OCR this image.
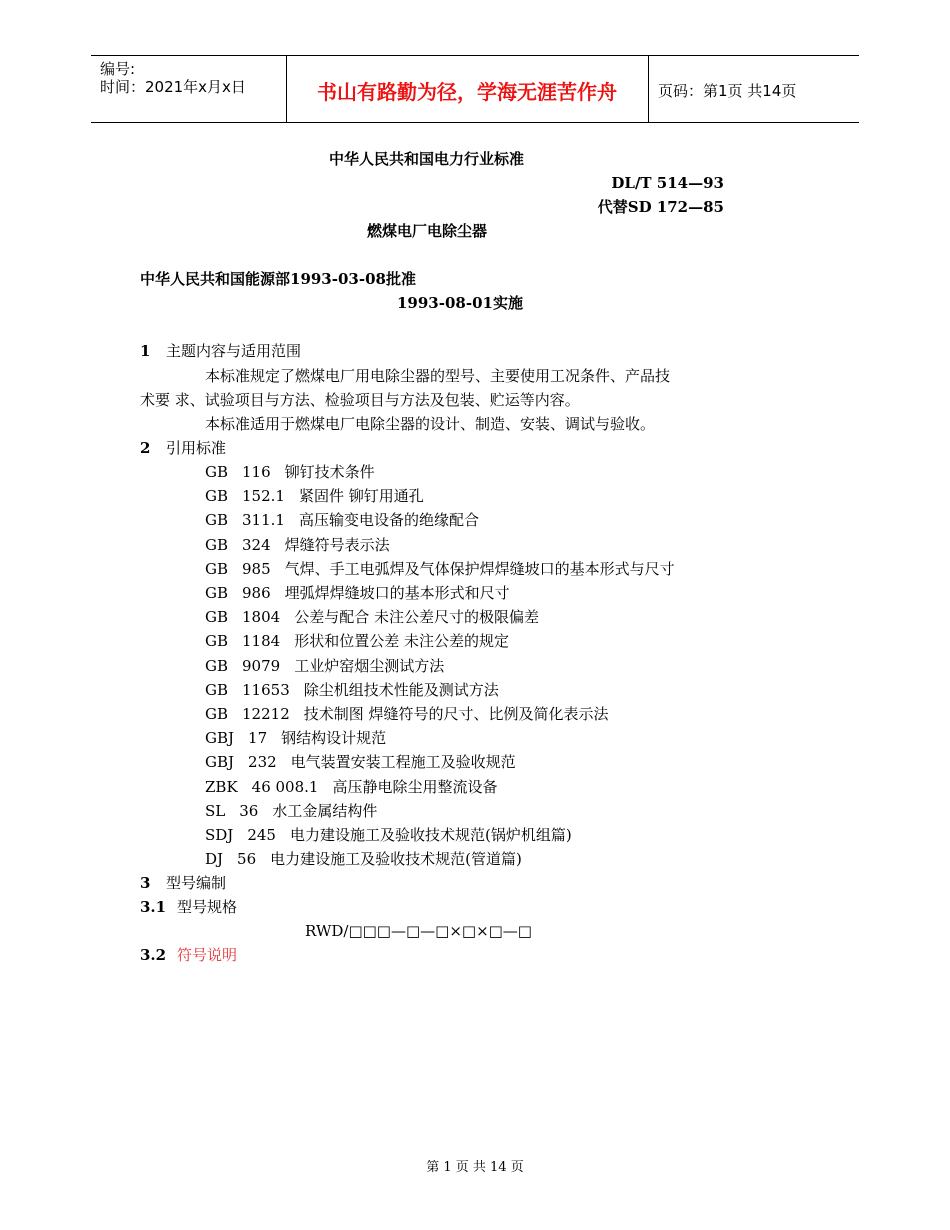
编号:
时间：2021年x月x日	书山有路勤为径，学海无涯苦作舟	页码：第1页 共14页
中华人民共和国电力行业标准
DL/T 514—93
代替SD 172—85
燃煤电厂电除尘器
中华人民共和国能源部1993-03-08批准
1993-08-01实施
1 主题内容与适用范围
本标准规定了燃煤电厂用电除尘器的型号、主要使用工况条件、产品技
术要 求、试验项目与方法、检验项目与方法及包装、贮运等内容。
本标准适用于燃煤电厂电除尘器的设计、制造、安装、调试与验收。
2 引用标准
GB 116 铆钉技术条件
GB 152.1 紧固件 铆钉用通孔
GB 311.1 高压输变电设备的绝缘配合
GB 324 焊缝符号表示法
GB 985 气焊、手工电弧焊及气体保护焊焊缝坡口的基本形式与尺寸
GB 986 埋弧焊焊缝坡口的基本形式和尺寸
GB 1804 公差与配合 未注公差尺寸的极限偏差
GB 1184 形状和位置公差 未注公差的规定
GB 9079 工业炉窑烟尘测试方法
GB 11653 除尘机组技术性能及测试方法
GB 12212 技术制图 焊缝符号的尺寸、比例及简化表示法
GBJ 17 钢结构设计规范
GBJ 232 电气装置安装工程施工及验收规范
ZBK 46 008.1 高压静电除尘用整流设备
SL 36 水工金属结构件
SDJ 245 电力建设施工及验收技术规范(锅炉机组篇)
DJ 56 电力建设施工及验收技术规范(管道篇)
3 型号编制
3.1 型号规格
RWD/□□□—□—□×□×□—□
3.2 符号说明
第 1 页 共 14 页
